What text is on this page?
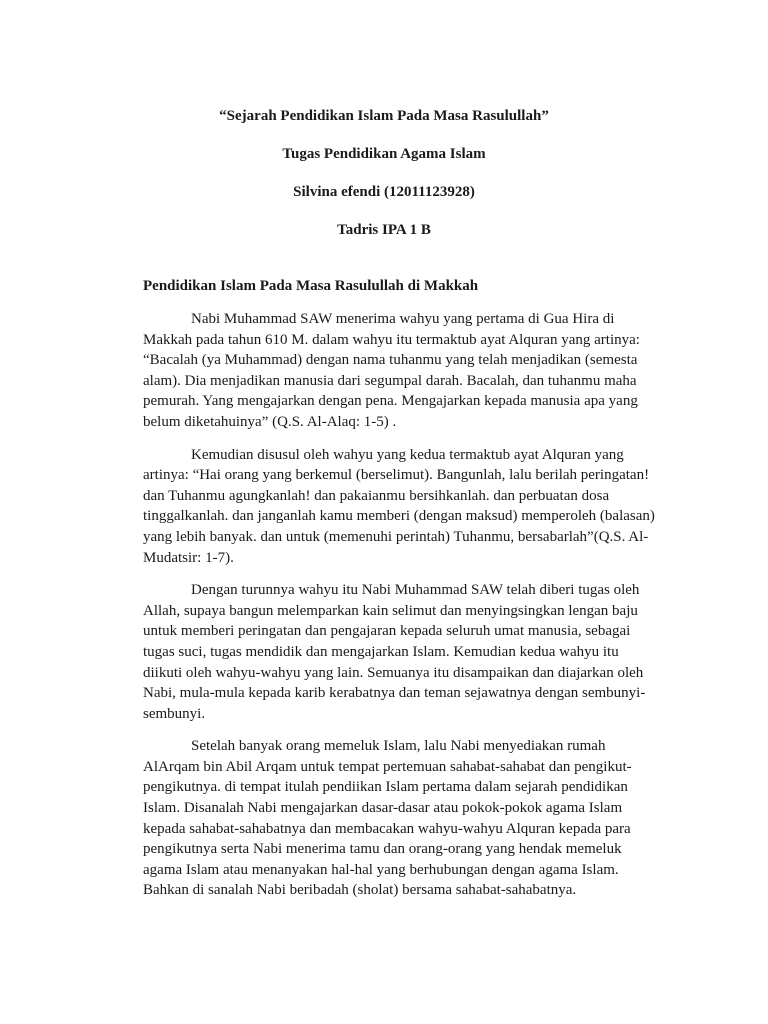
“Sejarah Pendidikan Islam Pada Masa Rasulullah”

Tugas Pendidikan Agama Islam

Silvina efendi (12011123928)

Tadris IPA 1 B

Pendidikan Islam Pada Masa Rasulullah di Makkah

Nabi Muhammad SAW menerima wahyu yang pertama di Gua Hira di
Makkah pada tahun 610 M. dalam wahyu itu termaktub ayat Alquran yang artinya:
“Bacalah (ya Muhammad) dengan nama tuhanmu yang telah menjadikan (semesta
alam). Dia menjadikan manusia dari segumpal darah. Bacalah, dan tuhanmu maha
pemurah. Yang mengajarkan dengan pena. Mengajarkan kepada manusia apa yang
belum diketahuinya” (Q.S. Al-Alaq: 1-5) .

Kemudian disusul oleh wahyu yang kedua termaktub ayat Alquran yang
artinya: “Hai orang yang berkemul (berselimut). Bangunlah, lalu berilah peringatan!
dan Tuhanmu agungkanlah! dan pakaianmu bersihkanlah. dan perbuatan dosa
tinggalkanlah. dan janganlah kamu memberi (dengan maksud) memperoleh (balasan)
yang lebih banyak. dan untuk (memenuhi perintah) Tuhanmu, bersabarlah”(Q.S. Al-
Mudatsir: 1-7).

Dengan turunnya wahyu itu Nabi Muhammad SAW telah diberi tugas oleh
Allah, supaya bangun melemparkan kain selimut dan menyingsingkan lengan baju
untuk memberi peringatan dan pengajaran kepada seluruh umat manusia, sebagai
tugas suci, tugas mendidik dan mengajarkan Islam. Kemudian kedua wahyu itu
diikuti oleh wahyu-wahyu yang lain. Semuanya itu disampaikan dan diajarkan oleh
Nabi, mula-mula kepada karib kerabatnya dan teman sejawatnya dengan sembunyi-
sembunyi.

Setelah banyak orang memeluk Islam, lalu Nabi menyediakan rumah
AlArqam bin Abil Arqam untuk tempat pertemuan sahabat-sahabat dan pengikut-
pengikutnya. di tempat itulah pendiikan Islam pertama dalam sejarah pendidikan
Islam. Disanalah Nabi mengajarkan dasar-dasar atau pokok-pokok agama Islam
kepada sahabat-sahabatnya dan membacakan wahyu-wahyu Alquran kepada para
pengikutnya serta Nabi menerima tamu dan orang-orang yang hendak memeluk
agama Islam atau menanyakan hal-hal yang berhubungan dengan agama Islam.
Bahkan di sanalah Nabi beribadah (sholat) bersama sahabat-sahabatnya.
